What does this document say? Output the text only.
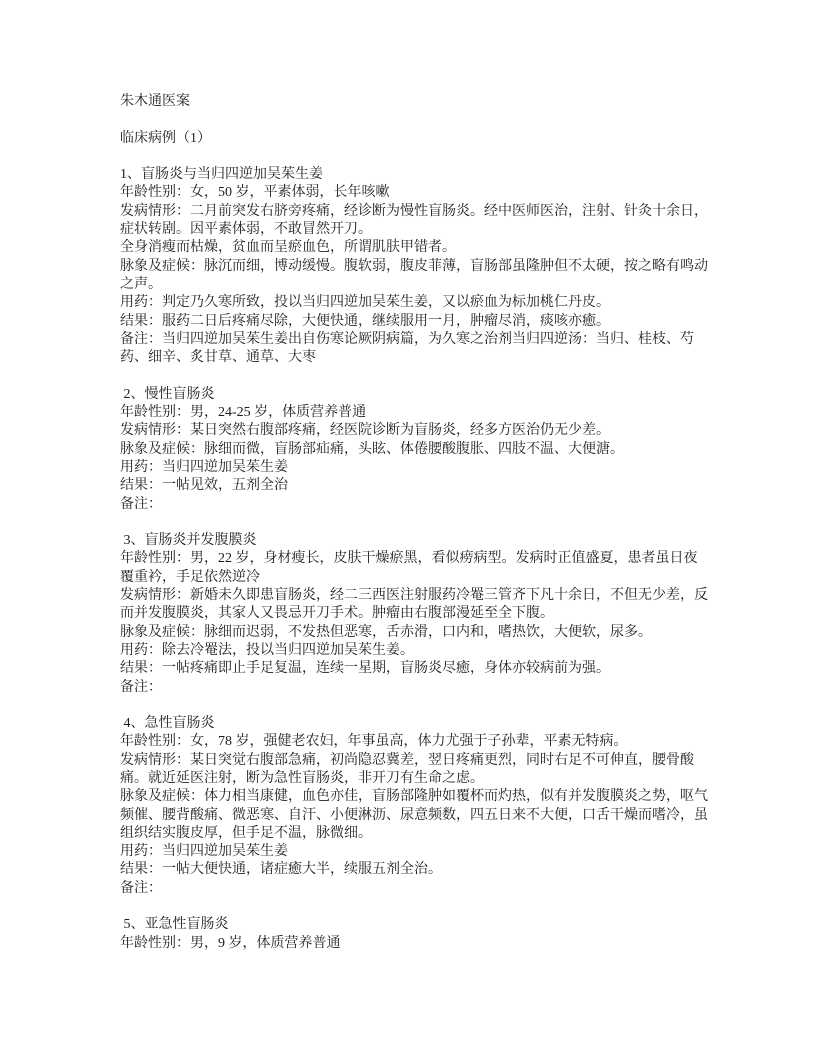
朱木通医案

临床病例（1）

1、盲肠炎与当归四逆加吴茱生姜

年龄性别：女，50 岁，平素体弱，长年咳嗽

发病情形：二月前突发右脐旁疼痛，经诊断为慢性盲肠炎。经中医师医治，注射、针灸十余日，症状转剧。因平素体弱，不敢冒然开刀。

全身消瘦而枯燥，贫血而呈瘀血色，所谓肌肤甲错者。

脉象及症候：脉沉而细，博动缓慢。腹软弱，腹皮菲薄，盲肠部虽隆肿但不太硬，按之略有鸣动之声。

用药：判定乃久寒所致，投以当归四逆加吴茱生姜，又以瘀血为标加桃仁丹皮。

结果：服药二日后疼痛尽除，大便快通，继续服用一月，肿瘤尽消，痰咳亦癒。

备注：当归四逆加吴茱生姜出自伤寒论厥阴病篇，为久寒之治剂当归四逆汤：当归、桂枝、芍药、细辛、炙甘草、通草、大枣

2、慢性盲肠炎

年龄性别：男，24-25 岁，体质营养普通

发病情形：某日突然右腹部疼痛，经医院诊断为盲肠炎，经多方医治仍无少差。

脉象及症候：脉细而微，盲肠部疝痛，头眩、体倦腰酸腹胀、四肢不温、大便溏。

用药：当归四逆加吴茱生姜

结果：一帖见效，五剂全治

备注：

3、盲肠炎并发腹膜炎

年龄性别：男，22 岁，身材瘦长，皮肤干燥瘀黑，看似痨病型。发病时正值盛夏，患者虽日夜覆重衿，手足依然逆冷

发病情形：新婚未久即患盲肠炎，经二三西医注射服药冷罨三管齐下凡十余日，不但无少差，反而并发腹膜炎，其家人又畏忌开刀手术。肿瘤由右腹部漫延至全下腹。

脉象及症候：脉细而迟弱，不发热但恶寒，舌赤滑，口内和，嗜热饮，大便软，尿多。

用药：除去冷罨法，投以当归四逆加吴茱生姜。

结果：一帖疼痛即止手足复温，连续一星期，盲肠炎尽癒，身体亦较病前为强。

备注：

4、急性盲肠炎

年龄性别：女，78 岁，强健老农妇，年事虽高，体力尤强于子孙辈，平素无特病。

发病情形：某日突觉右腹部急痛，初尚隐忍冀差，翌日疼痛更烈，同时右足不可伸直，腰骨酸痛。就近延医注射，断为急性盲肠炎，非开刀有生命之虑。

脉象及症候：体力相当康健，血色亦佳，盲肠部隆肿如覆杯而灼热，似有并发腹膜炎之势，呕气频催、腰背酸痛、微恶寒、自汗、小便淋沥、尿意频数，四五日来不大便，口舌干燥而嗜冷，虽组织结实腹皮厚，但手足不温，脉微细。

用药：当归四逆加吴茱生姜

结果：一帖大便快通，诸症癒大半，续服五剂全治。

备注：

5、亚急性盲肠炎

年龄性别：男，9 岁，体质营养普通
